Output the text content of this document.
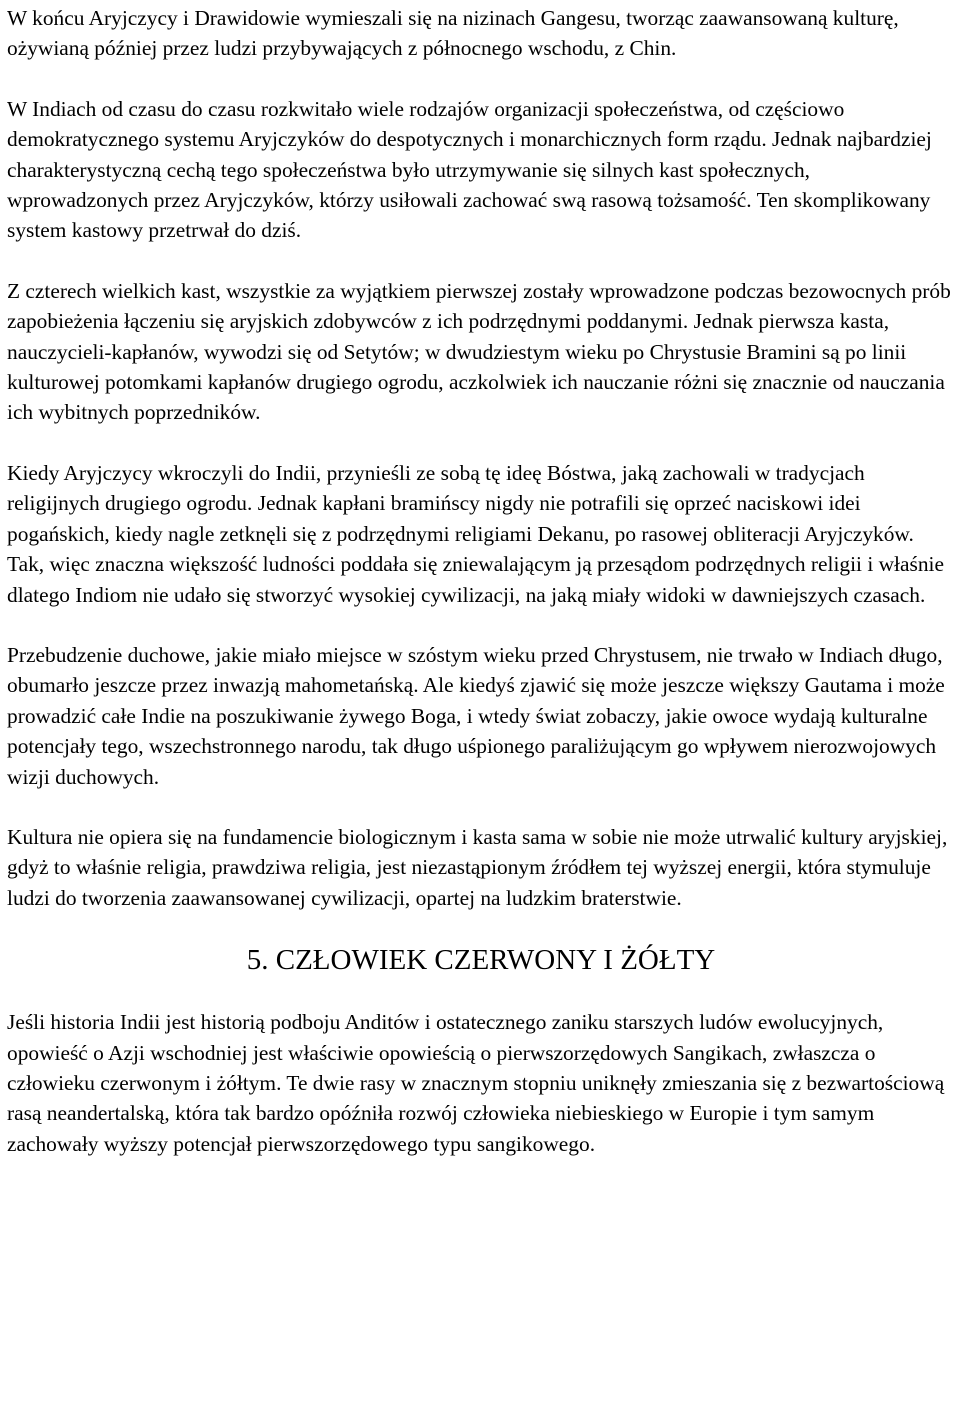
W końcu Aryjczycy i Drawidowie wymieszali się na nizinach Gangesu, tworząc zaawansowaną kulturę, ożywianą później przez ludzi przybywających z północnego wschodu, z Chin.

W Indiach od czasu do czasu rozkwitało wiele rodzajów organizacji społeczeństwa, od częściowo demokratycznego systemu Aryjczyków do despotycznych i monarchicznych form rządu. Jednak najbardziej charakterystyczną cechą tego społeczeństwa było utrzymywanie się silnych kast społecznych, wprowadzonych przez Aryjczyków, którzy usiłowali zachować swą rasową tożsamość. Ten skomplikowany system kastowy przetrwał do dziś.

Z czterech wielkich kast, wszystkie za wyjątkiem pierwszej zostały wprowadzone podczas bezowocnych prób zapobieżenia łączeniu się aryjskich zdobywców z ich podrzędnymi poddanymi. Jednak pierwsza kasta, nauczycieli-kapłanów, wywodzi się od Setytów; w dwudziestym wieku po Chrystusie Bramini są po linii kulturowej potomkami kapłanów drugiego ogrodu, aczkolwiek ich nauczanie różni się znacznie od nauczania ich wybitnych poprzedników.

Kiedy Aryjczycy wkroczyli do Indii, przynieśli ze sobą tę ideę Bóstwa, jaką zachowali w tradycjach religijnych drugiego ogrodu. Jednak kapłani bramińscy nigdy nie potrafili się oprzeć naciskowi idei pogańskich, kiedy nagle zetknęli się z podrzędnymi religiami Dekanu, po rasowej obliteracji Aryjczyków. Tak, więc znaczna większość ludności poddała się zniewalającym ją przesądom podrzędnych religii i właśnie dlatego Indiom nie udało się stworzyć wysokiej cywilizacji, na jaką miały widoki w dawniejszych czasach.

Przebudzenie duchowe, jakie miało miejsce w szóstym wieku przed Chrystusem, nie trwało w Indiach długo, obumarło jeszcze przez inwazją mahometańską. Ale kiedyś zjawić się może jeszcze większy Gautama i może prowadzić całe Indie na poszukiwanie żywego Boga, i wtedy świat zobaczy, jakie owoce wydają kulturalne potencjały tego, wszechstronnego narodu, tak długo uśpionego paraliżującym go wpływem nierozwojowych wizji duchowych.

Kultura nie opiera się na fundamencie biologicznym i kasta sama w sobie nie może utrwalić kultury aryjskiej, gdyż to właśnie religia, prawdziwa religia, jest niezastąpionym źródłem tej wyższej energii, która stymuluje ludzi do tworzenia zaawansowanej cywilizacji, opartej na ludzkim braterstwie.

5. CZŁOWIEK CZERWONY I ŻÓŁTY

Jeśli historia Indii jest historią podboju Anditów i ostatecznego zaniku starszych ludów ewolucyjnych, opowieść o Azji wschodniej jest właściwie opowieścią o pierwszorzędowych Sangikach, zwłaszcza o człowieku czerwonym i żółtym. Te dwie rasy w znacznym stopniu uniknęły zmieszania się z bezwartościową rasą neandertalską, która tak bardzo opóźniła rozwój człowieka niebieskiego w Europie i tym samym zachowały wyższy potencjał pierwszorzędowego typu sangikowego.
